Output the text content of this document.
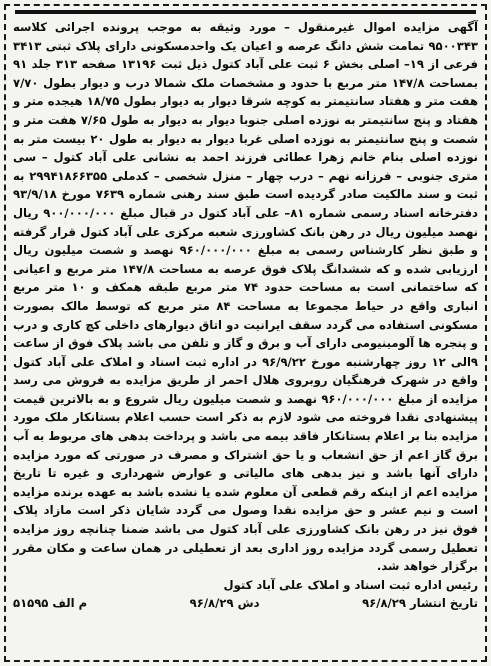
آگهی مزایده اموال غیرمنقول – مورد وثیقه به موجب پرونده اجرائی کلاسه ۹۵۰۰۳۴۳ تمامت شش دانگ عرصه و اعیان یک واحدمسکونی دارای پلاک ثبتی ۳۴۱۳ فرعی از ۱۹– اصلی بخش ۶ ثبت علی آباد کتول ذیل ثبت ۱۳۱۹۶ صفحه ۳۱۳ جلد ۹۱ بمساحت ۱۴۷/۸ متر مربع با حدود و مشخصات ملک شمالا درب و دیوار بطول ۷/۷۰ هفت متر و هفتاد سانتیمتر به کوچه شرقا دیوار به دیوار بطول ۱۸/۷۵ هیجده متر و هفتاد و پنج سانتیمتر به نوزده اصلی جنوبا دیوار به دیوار به طول ۷/۶۵ هفت متر و شصت و پنج سانتیمتر به نوزده اصلی غربا دیوار به دیوار به طول ۲۰ بیست متر به نوزده اصلی بنام خانم زهرا عطائی فرزند احمد به نشانی علی آباد کتول – سی متری جنوبی – فرزانه نهم – درب چهار – منزل شخصی – کدملی ۲۹۹۴۱۸۶۶۳۵۵ به ثبت و سند مالکیت صادر گردیده است طبق سند رهنی شماره ۷۶۳۹ مورخ ۹۳/۹/۱۸ دفترخانه اسناد رسمی شماره ۸۱– علی آباد کتول در قبال مبلغ ۹۰۰/۰۰۰/۰۰۰ ریال نهصد میلیون ریال در رهن بانک کشاورزی شعبه مرکزی علی آباد کتول قرار گرفته و طبق نظر کارشناس رسمی به مبلغ ۹۶۰/۰۰۰/۰۰۰ نهصد و شصت میلیون ریال ارزیابی شده و که ششدانگ پلاک فوق عرصه به مساحت ۱۴۷/۸ متر مربع و اعیانی که ساختمانی است به مساحت حدود ۷۴ متر مربع طبقه همکف و ۱۰ متر مربع انباری واقع در حیاط مجموعا به مساحت ۸۴ متر مربع که توسط مالک بصورت مسکونی استفاده می گردد سقف ایرانیت دو اتاق دیوارهای داخلی کچ کاری و درب و پنجره ها آلومینیومی دارای آب و برق و گاز و تلفن می باشد پلاک فوق از ساعت ۹الی ۱۲ روز چهارشنبه مورخ ۹۶/۹/۲۲ در اداره ثبت اسناد و املاک علی آباد کتول واقع در شهرک فرهنگیان روبروی هلال احمر از طریق مزایده به فروش می رسد مزایده از مبلغ ۹۶۰/۰۰۰/۰۰۰ نهصد و شصت میلیون ریال شروع و به بالاترین قیمت پیشنهادی نقدا فروخته می شود لازم به ذکر است حسب اعلام بستانکار ملک مورد مزایده بنا بر اعلام بستانکار فاقد بیمه می باشد و پرداخت بدهی های مربوط به آب برق گاز اعم از حق انشعاب و یا حق اشتراک و مصرف در صورتی که مورد مزایده دارای آنها باشد و نیز بدهی های مالیاتی و عوارض شهرداری و غیره تا تاریخ مزایده اعم از اینکه رقم قطعی آن معلوم شده یا نشده باشد به عهده برنده مزایده است و نیم عشر و حق مزایده نقدا وصول می گردد شایان ذکر است مازاد پلاک فوق نیز در رهن بانک کشاورزی علی آباد کتول می باشد ضمنا چنانچه روز مزایده تعطیل رسمی گردد مزایده روز اداری بعد از تعطیلی در همان ساعت و مکان مقرر برگزار خواهد شد.

رئیس اداره ثبت اسناد و املاک علی آباد کتول

تاریخ انتشار ۹۶/۸/۲۹
دش ۹۶/۸/۲۹
م الف ۵۱۵۹۵
